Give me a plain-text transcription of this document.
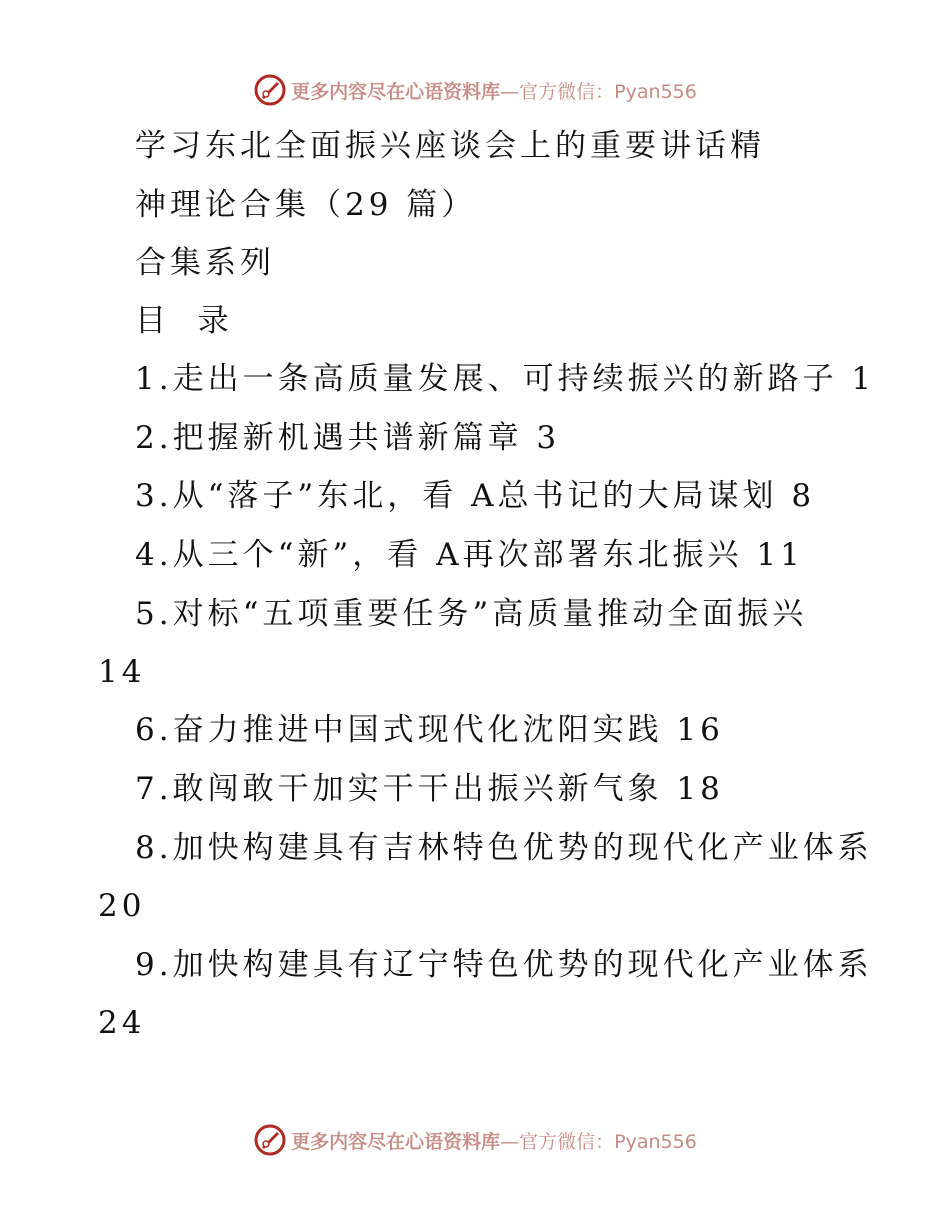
更多内容尽在心语资料库 —官方微信：Pyan556
学习东北全面振兴座谈会上的重要讲话精
神理论合集（29 篇）
合集系列
目  录
1.走出一条高质量发展、可持续振兴的新路子 1
2.把握新机遇共谱新篇章 3
3.从“落子”东北，看 A总书记的大局谋划 8
4.从三个“新”，看 A再次部署东北振兴 11
5.对标“五项重要任务”高质量推动全面振兴
14
6.奋力推进中国式现代化沈阳实践 16
7.敢闯敢干加实干干出振兴新气象 18
8.加快构建具有吉林特色优势的现代化产业体系
20
9.加快构建具有辽宁特色优势的现代化产业体系
24
更多内容尽在心语资料库 —官方微信：Pyan556
